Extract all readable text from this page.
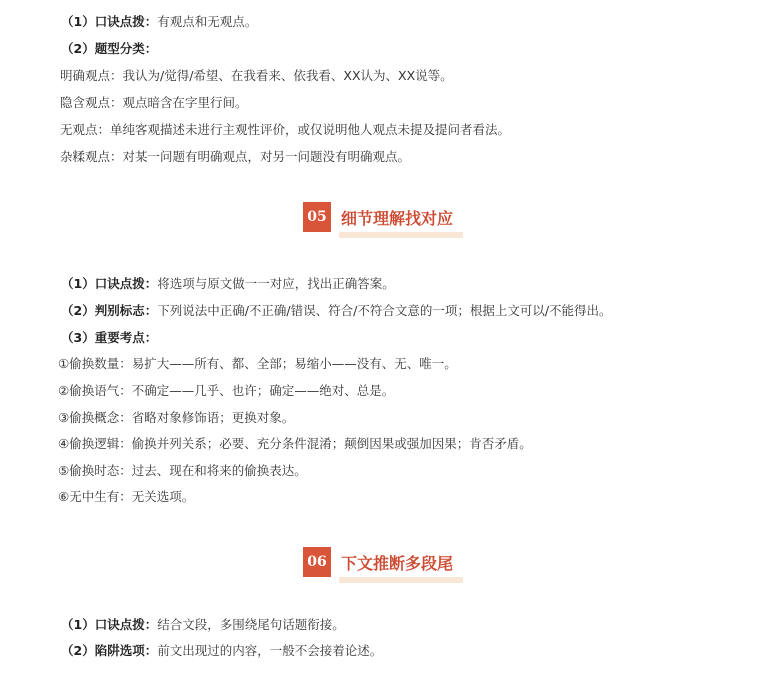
（1）口诀点拨：有观点和无观点。
（2）题型分类：
明确观点：我认为/觉得/希望、在我看来、依我看、XX认为、XX说等。
隐含观点：观点暗含在字里行间。
无观点：单纯客观描述未进行主观性评价，或仅说明他人观点未提及提问者看法。
杂糅观点：对某一问题有明确观点，对另一问题没有明确观点。
05 细节理解找对应
（1）口诀点拨：将选项与原文做一一对应，找出正确答案。
（2）判别标志：下列说法中正确/不正确/错误、符合/不符合文意的一项；根据上文可以/不能得出。
（3）重要考点：
①偷换数量：易扩大——所有、都、全部；易缩小——没有、无、唯一。
②偷换语气：不确定——几乎、也许；确定——绝对、总是。
③偷换概念：省略对象修饰语；更换对象。
④偷换逻辑：偷换并列关系；必要、充分条件混淆；颠倒因果或强加因果；肯否矛盾。
⑤偷换时态：过去、现在和将来的偷换表达。
⑥无中生有：无关选项。
06 下文推断多段尾
（1）口诀点拨：结合文段，多围绕尾句话题衔接。
（2）陷阱选项：前文出现过的内容，一般不会接着论述。
